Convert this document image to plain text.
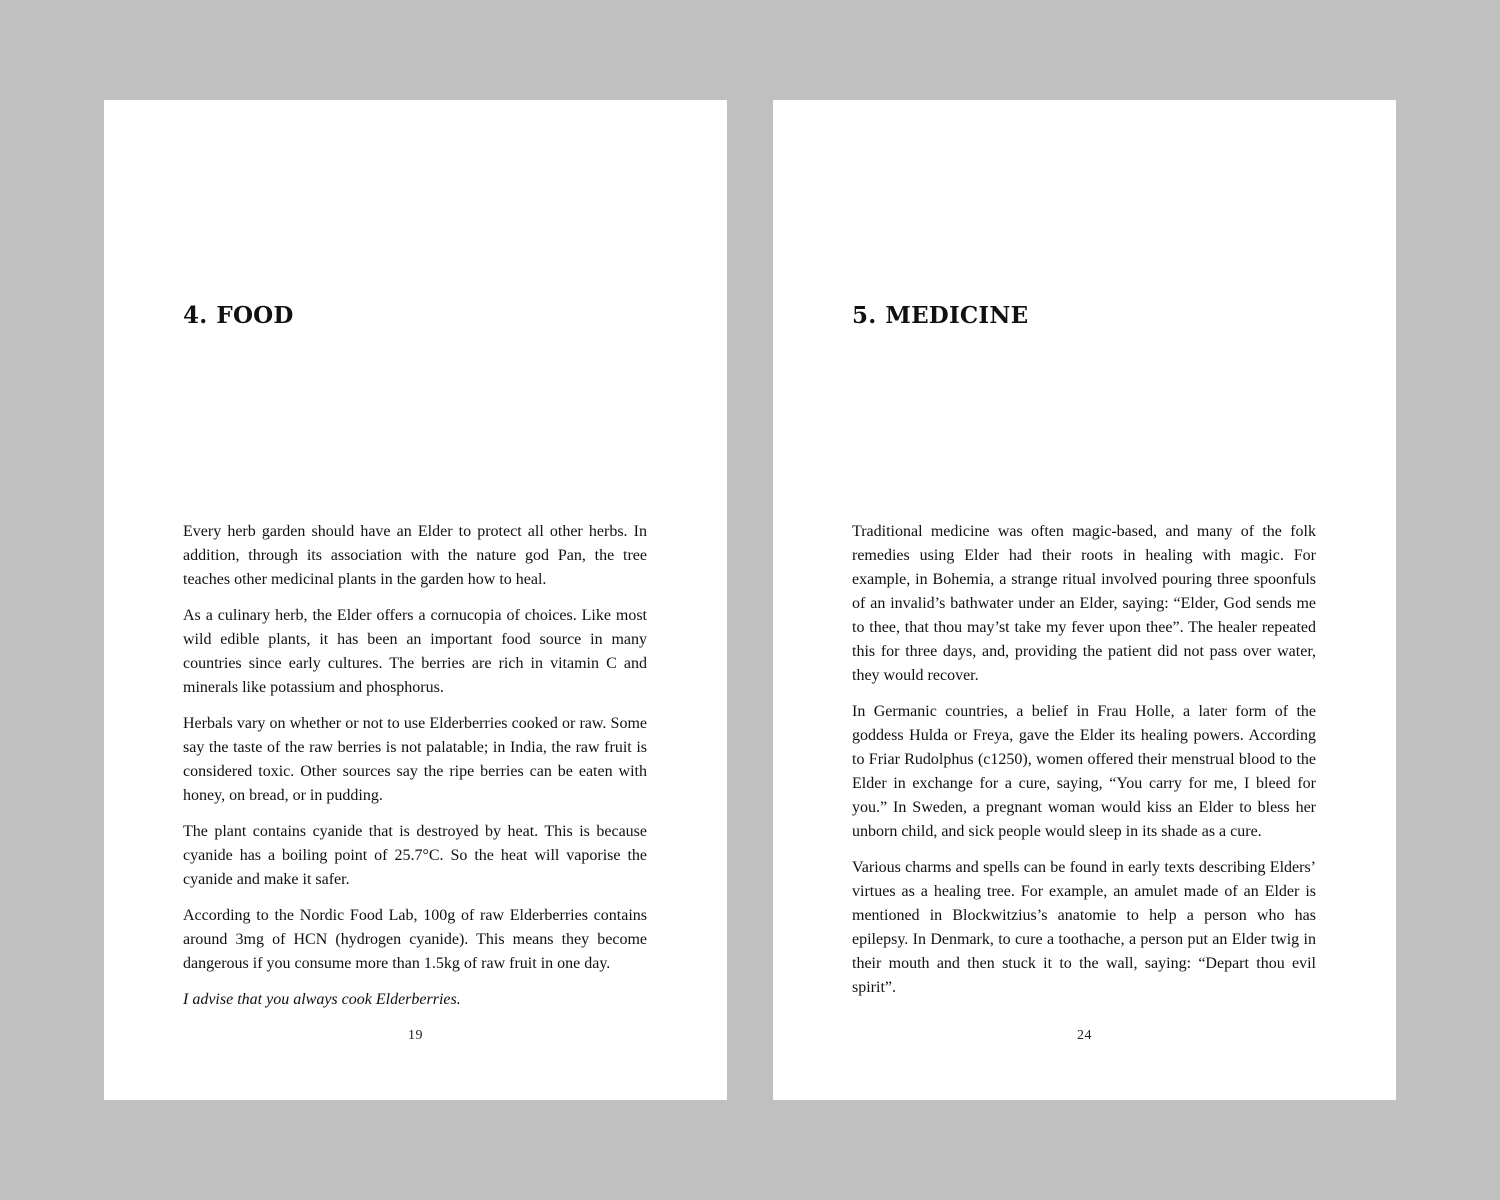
4. FOOD

Every herb garden should have an Elder to protect all other herbs. In addition, through its association with the nature god Pan, the tree teaches other medicinal plants in the garden how to heal.

As a culinary herb, the Elder offers a cornucopia of choices. Like most wild edible plants, it has been an important food source in many countries since early cultures. The berries are rich in vitamin C and minerals like potassium and phosphorus.

Herbals vary on whether or not to use Elderberries cooked or raw. Some say the taste of the raw berries is not palatable; in India, the raw fruit is considered toxic. Other sources say the ripe berries can be eaten with honey, on bread, or in pudding.

The plant contains cyanide that is destroyed by heat. This is because cyanide has a boiling point of 25.7°C. So the heat will vaporise the cyanide and make it safer.

According to the Nordic Food Lab, 100g of raw Elderberries contains around 3mg of HCN (hydrogen cyanide). This means they become dangerous if you consume more than 1.5kg of raw fruit in one day.

I advise that you always cook Elderberries.

19
5. MEDICINE

Traditional medicine was often magic-based, and many of the folk remedies using Elder had their roots in healing with magic. For example, in Bohemia, a strange ritual involved pouring three spoonfuls of an invalid’s bathwater under an Elder, saying: “Elder, God sends me to thee, that thou may’st take my fever upon thee”. The healer repeated this for three days, and, providing the patient did not pass over water, they would recover.

In Germanic countries, a belief in Frau Holle, a later form of the goddess Hulda or Freya, gave the Elder its healing powers. According to Friar Rudolphus (c1250), women offered their menstrual blood to the Elder in exchange for a cure, saying, “You carry for me, I bleed for you.” In Sweden, a pregnant woman would kiss an Elder to bless her unborn child, and sick people would sleep in its shade as a cure.

Various charms and spells can be found in early texts describing Elders’ virtues as a healing tree. For example, an amulet made of an Elder is mentioned in Blockwitzius’s anatomie to help a person who has epilepsy. In Denmark, to cure a toothache, a person put an Elder twig in their mouth and then stuck it to the wall, saying: “Depart thou evil spirit”.

24
